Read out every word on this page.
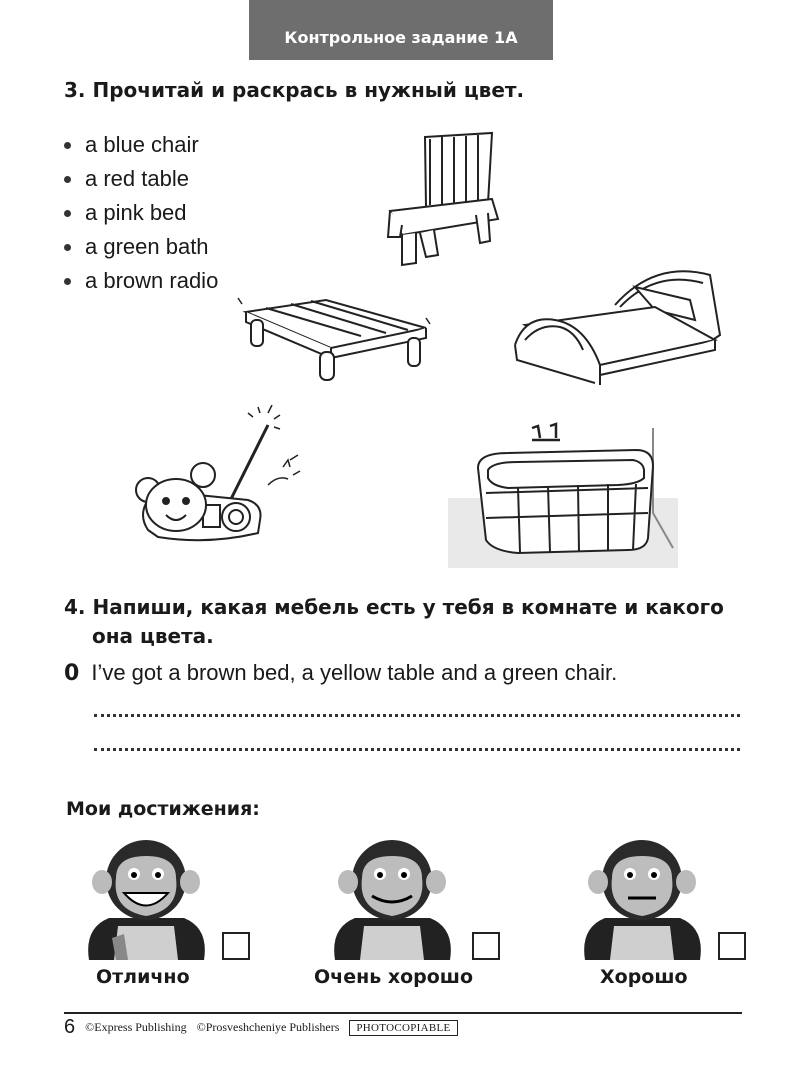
Контрольное задание 1А
3. Прочитай и раскрась в нужный цвет.
a blue chair
a red table
a pink bed
a green bath
a brown radio
4. Напиши, какая мебель есть у тебя в комнате и какого
она цвета.
0 I’ve got a brown bed, a yellow table and a green chair.
Мои достижения:
Отлично	Очень хорошо	Хорошо
6 ©Express Publishing ©Prosveshcheniye Publishers	PHOTOCOPIABLE
